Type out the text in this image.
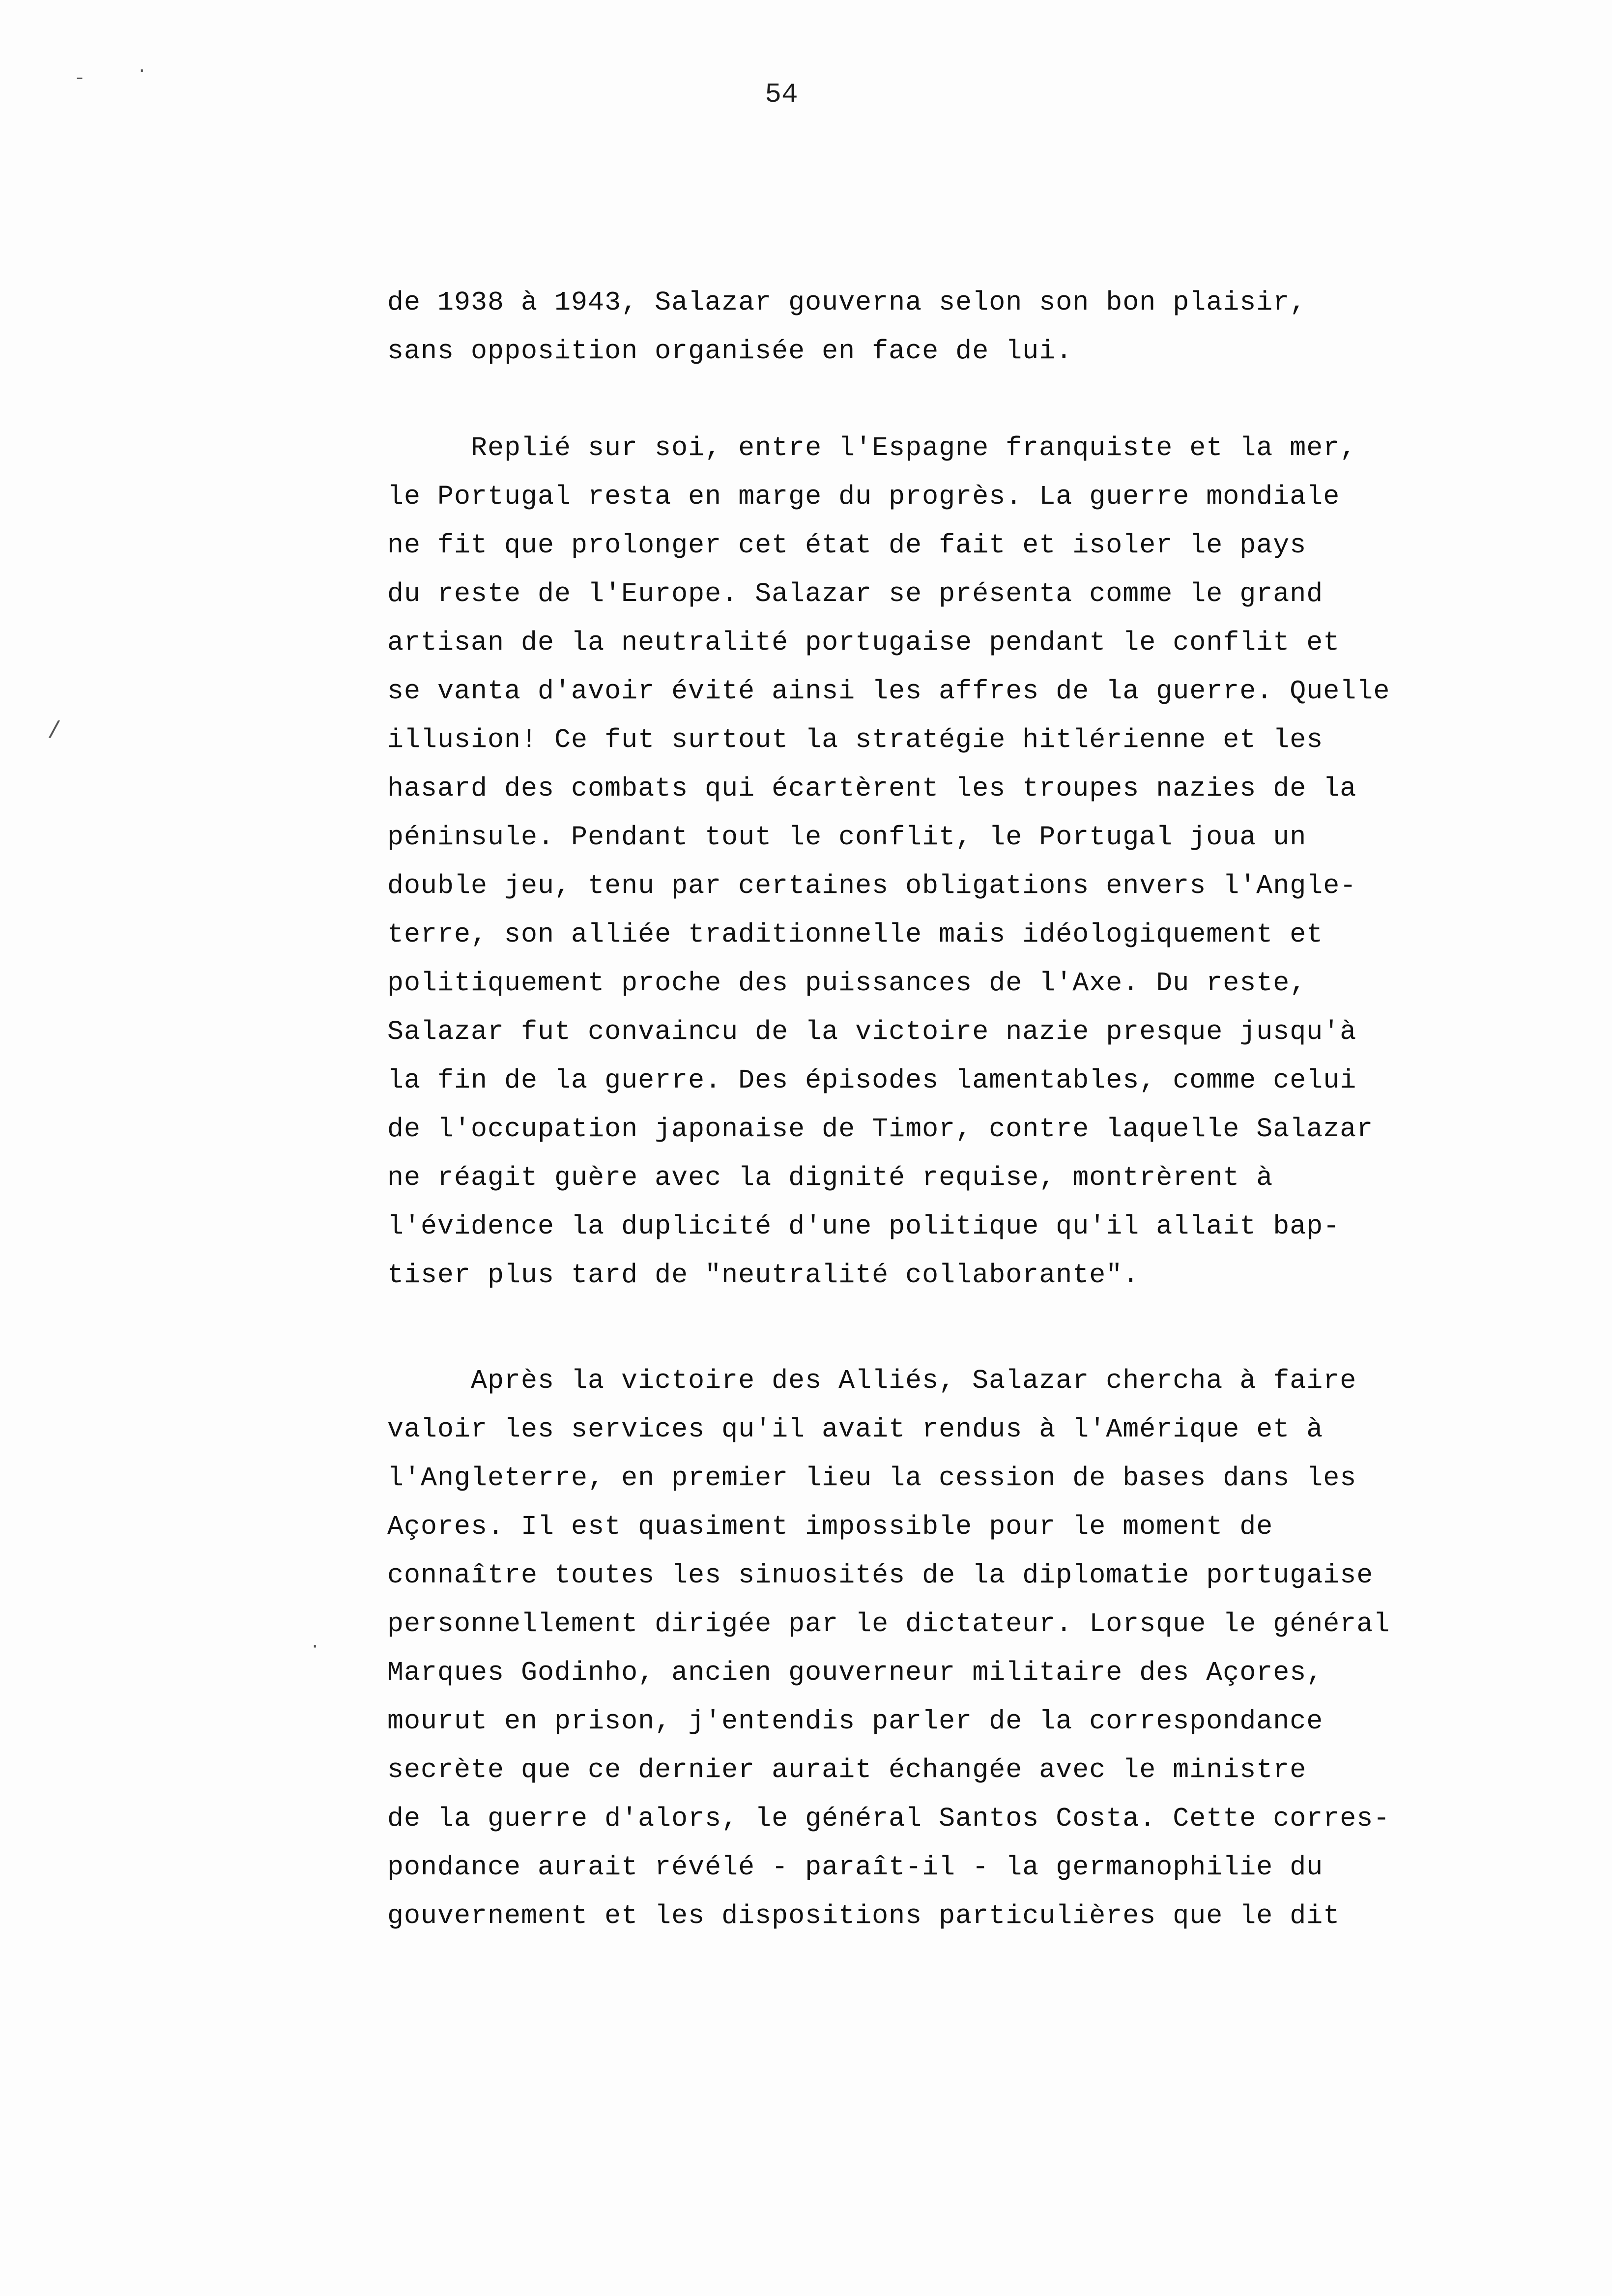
-	·
/
·
54
de 1938 à 1943, Salazar gouverna selon son bon plaisir,
sans opposition organisée en face de lui.
Replié sur soi, entre l'Espagne franquiste et la mer,
le Portugal resta en marge du progrès. La guerre mondiale
ne fit que prolonger cet état de fait et isoler le pays
du reste de l'Europe. Salazar se présenta comme le grand
artisan de la neutralité portugaise pendant le conflit et
se vanta d'avoir évité ainsi les affres de la guerre. Quelle
illusion! Ce fut surtout la stratégie hitlérienne et les
hasard des combats qui écartèrent les troupes nazies de la
péninsule. Pendant tout le conflit, le Portugal joua un
double jeu, tenu par certaines obligations envers l'Angle-
terre, son alliée traditionnelle mais idéologiquement et
politiquement proche des puissances de l'Axe. Du reste,
Salazar fut convaincu de la victoire nazie presque jusqu'à
la fin de la guerre. Des épisodes lamentables, comme celui
de l'occupation japonaise de Timor, contre laquelle Salazar
ne réagit guère avec la dignité requise, montrèrent à
l'évidence la duplicité d'une politique qu'il allait bap-
tiser plus tard de "neutralité collaborante".
Après la victoire des Alliés, Salazar chercha à faire
valoir les services qu'il avait rendus à l'Amérique et à
l'Angleterre, en premier lieu la cession de bases dans les
Açores. Il est quasiment impossible pour le moment de
connaître toutes les sinuosités de la diplomatie portugaise
personnellement dirigée par le dictateur. Lorsque le général
Marques Godinho, ancien gouverneur militaire des Açores,
mourut en prison, j'entendis parler de la correspondance
secrète que ce dernier aurait échangée avec le ministre
de la guerre d'alors, le général Santos Costa. Cette corres-
pondance aurait révélé - paraît-il - la germanophilie du
gouvernement et les dispositions particulières que le dit
